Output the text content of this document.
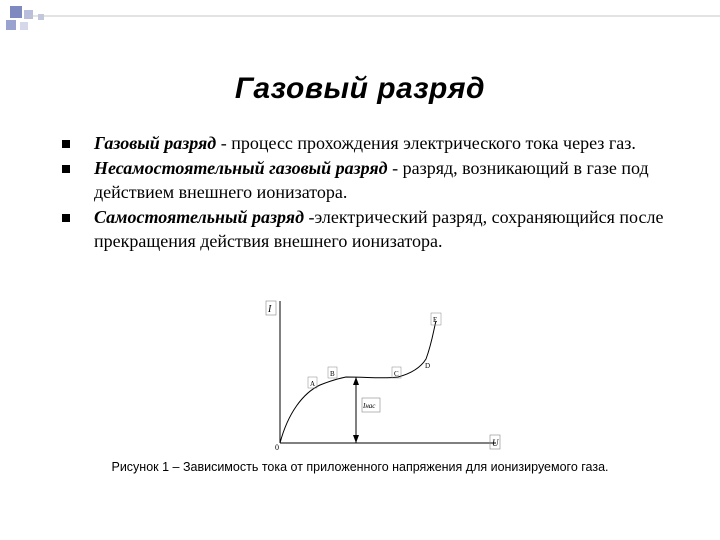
Газовый разряд
Газовый разряд - процесс прохождения электрического тока через газ.
Несамостоятельный газовый разряд - разряд, возникающий в газе под действием внешнего ионизатора.
Самостоятельный разряд -электрический разряд, сохраняющийся после прекращения действия внешнего ионизатора.
I
U
0
Iнас
A
B	C
D
E
Рисунок 1 – Зависимость тока от приложенного напряжения для ионизируемого газа.
